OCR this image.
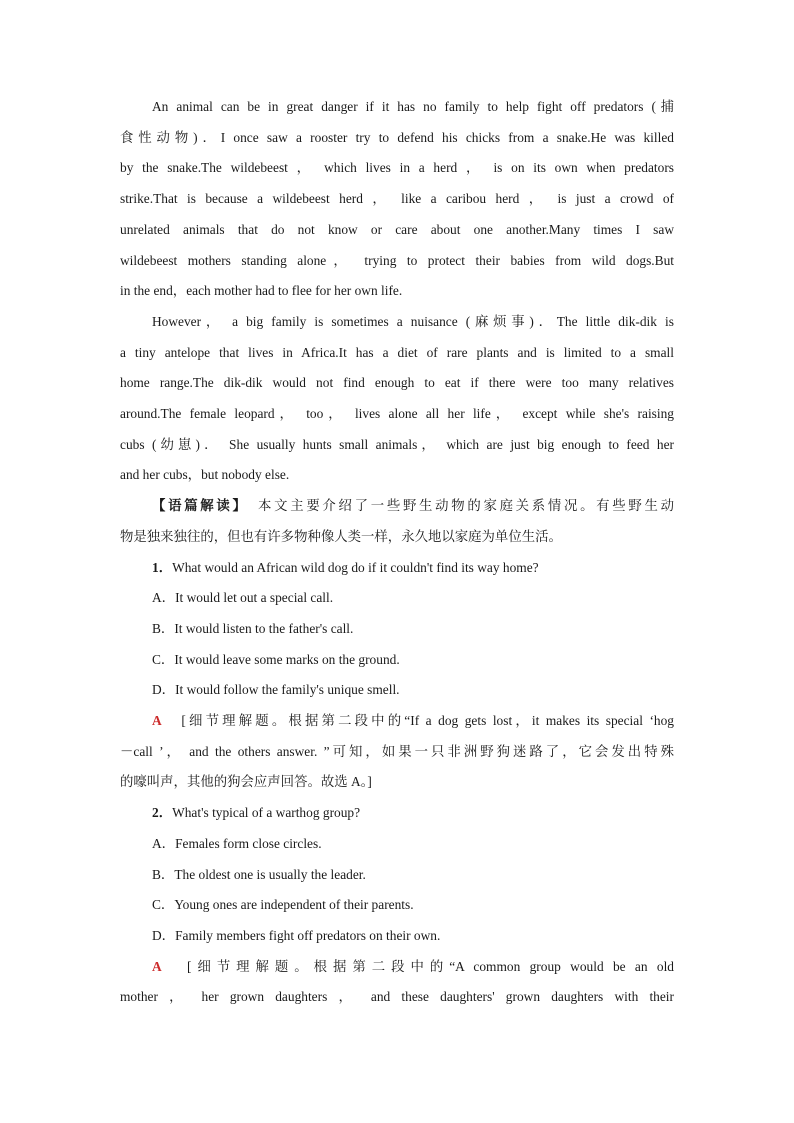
An animal can be in great danger if it has no family to help fight off predators (捕

食性动物)．I once saw a rooster try to defend his chicks from a snake.He was killed

by the snake.The wildebeest ， which lives in a herd ， is on its own when predators

strike.That is because a wildebeest herd ， like a caribou herd ， is just a crowd of

unrelated animals that do not know or care about one another.Many times I saw

wildebeest mothers standing alone， trying to protect their babies from wild dogs.But

in the end，each mother had to flee for her own life.

However， a big family is sometimes a nuisance (麻烦事)．The little dik-dik is

a tiny antelope that lives in Africa.It has a diet of rare plants and is limited to a small

home range.The dik-dik would not find enough to eat if there were too many relatives

around.The female leopard， too， lives alone all her life， except while she's raising

cubs (幼崽)． She usually hunts small animals， which are just big enough to feed her

and her cubs，but nobody else.

【语篇解读】　本文主要介绍了一些野生动物的家庭关系情况。有些野生动

物是独来独往的，但也有许多物种像人类一样，永久地以家庭为单位生活。

1．What would an African wild dog do if it couldn't find its way home?

A．It would let out a special call.

B．It would listen to the father's call.

C．It would leave some marks on the ground.

D．It would follow the family's unique smell.

A　[细节理解题。根据第二段中的“If a dog gets lost，it makes its special ‘hog

－call ’， and the others answer. ”可知，如果一只非洲野狗迷路了，它会发出特殊

的嚎叫声，其他的狗会应声回答。故选 A。]

2．What's typical of a warthog group?

A．Females form close circles.

B．The oldest one is usually the leader.

C．Young ones are independent of their parents.

D．Family members fight off predators on their own.

A　[细节理解题。根据第二段中的“A common group would be an old

mother ， her grown daughters ， and these daughters' grown daughters with their
